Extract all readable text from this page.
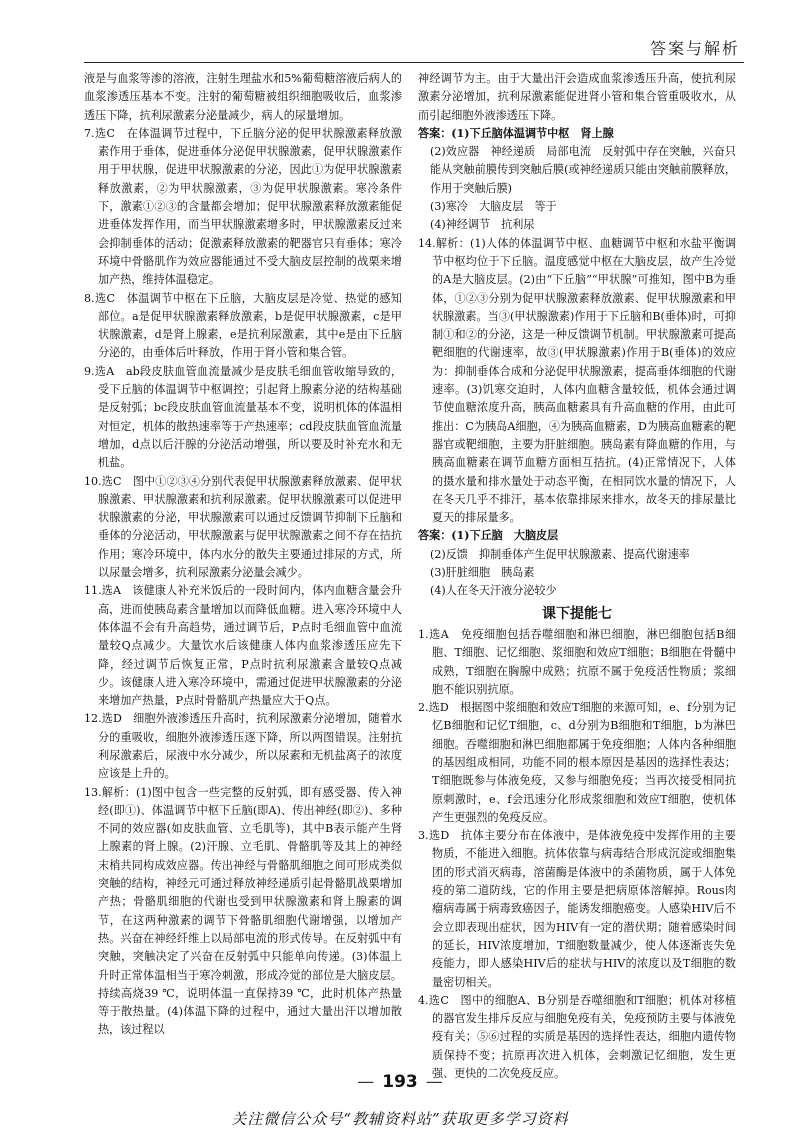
答案与解析

液是与血浆等渗的溶液，注射生理盐水和5%葡萄糖溶液后病人的血浆渗透压基本不变。注射的葡萄糖被组织细胞吸收后，血浆渗透压下降，抗利尿激素分泌量减少，病人的尿量增加。

7.选C　在体温调节过程中，下丘脑分泌的促甲状腺激素释放激素作用于垂体，促进垂体分泌促甲状腺激素，促甲状腺激素作用于甲状腺，促进甲状腺激素的分泌，因此①为促甲状腺激素释放激素，②为甲状腺激素，③为促甲状腺激素。寒冷条件下，激素①②③的含量都会增加；促甲状腺激素释放激素能促进垂体发挥作用，而当甲状腺激素增多时，甲状腺激素反过来会抑制垂体的活动；促激素释放激素的靶器官只有垂体；寒冷环境中骨骼肌作为效应器能通过不受大脑皮层控制的战栗来增加产热，维持体温稳定。

8.选C　体温调节中枢在下丘脑，大脑皮层是冷觉、热觉的感知部位。a是促甲状腺激素释放激素，b是促甲状腺激素，c是甲状腺激素，d是肾上腺素，e是抗利尿激素，其中e是由下丘脑分泌的，由垂体后叶释放，作用于肾小管和集合管。

9.选A　ab段皮肤血管血流量减少是皮肤毛细血管收缩导致的，受下丘脑的体温调节中枢调控；引起肾上腺素分泌的结构基础是反射弧；bc段皮肤血管血流量基本不变，说明机体的体温相对恒定，机体的散热速率等于产热速率；cd段皮肤血管血流量增加，d点以后汗腺的分泌活动增强，所以要及时补充水和无机盐。

10.选C　图中①②③④分别代表促甲状腺激素释放激素、促甲状腺激素、甲状腺激素和抗利尿激素。促甲状腺激素可以促进甲状腺激素的分泌，甲状腺激素可以通过反馈调节抑制下丘脑和垂体的分泌活动，甲状腺激素与促甲状腺激素之间不存在拮抗作用；寒冷环境中，体内水分的散失主要通过排尿的方式，所以尿量会增多，抗利尿激素分泌量会减少。

11.选A　该健康人补充米饭后的一段时间内，体内血糖含量会升高，进而使胰岛素含量增加以而降低血糖。进入寒冷环境中人体体温不会有升高趋势，通过调节后，P点时毛细血管中血流量较Q点减少。大量饮水后该健康人体内血浆渗透压应先下降，经过调节后恢复正常，P点时抗利尿激素含量较Q点减少。该健康人进入寒冷环境中，需通过促进甲状腺激素的分泌来增加产热量，P点时骨骼肌产热量应大于Q点。

12.选D　细胞外液渗透压升高时，抗利尿激素分泌增加，随着水分的重吸收，细胞外液渗透压逐下降，所以两图错误。注射抗利尿激素后，尿液中水分减少，所以尿素和无机盐离子的浓度应该是上升的。

13.解析：(1)图中包含一些完整的反射弧，即有感受器、传入神经(即①)、体温调节中枢下丘脑(即A)、传出神经(即②)、多种不同的效应器(如皮肤血管、立毛肌等)，其中B表示能产生肾上腺素的肾上腺。(2)汗腺、立毛肌、骨骼肌等及其上的神经末梢共同构成效应器。传出神经与骨骼肌细胞之间可形成类似突触的结构，神经元可通过释放神经递质引起骨骼肌战栗增加产热；骨骼肌细胞的代谢也受到甲状腺激素和肾上腺素的调节，在这两种激素的调节下骨骼肌细胞代谢增强，以增加产热。兴奋在神经纤维上以局部电流的形式传导。在反射弧中有突触，突触决定了兴奋在反射弧中只能单向传递。(3)体温上升时正常体温相当于寒冷刺激，形成冷觉的部位是大脑皮层。持续高烧39 ℃，说明体温一直保持39 ℃，此时机体产热量等于散热量。(4)体温下降的过程中，通过大量出汗以增加散热，该过程以

神经调节为主。由于大量出汗会造成血浆渗透压升高，使抗利尿激素分泌增加，抗利尿激素能促进肾小管和集合管重吸收水，从而引起细胞外液渗透压下降。

答案：(1)下丘脑体温调节中枢　肾上腺

(2)效应器　神经递质　局部电流　反射弧中存在突触，兴奋只能从突触前膜传到突触后膜(或神经递质只能由突触前膜释放，作用于突触后膜)

(3)寒冷　大脑皮层　等于

(4)神经调节　抗利尿

14.解析：(1)人体的体温调节中枢、血糖调节中枢和水盐平衡调节中枢均位于下丘脑。温度感觉中枢在大脑皮层，故产生冷觉的A是大脑皮层。(2)由“下丘脑”“甲状腺”可推知，图中B为垂体，①②③分别为促甲状腺激素释放激素、促甲状腺激素和甲状腺激素。当③(甲状腺激素)作用于下丘脑和B(垂体)时，可抑制①和②的分泌，这是一种反馈调节机制。甲状腺激素可提高靶细胞的代谢速率，故③(甲状腺激素)作用于B(垂体)的效应为：抑制垂体合成和分泌促甲状腺激素，提高垂体细胞的代谢速率。(3)饥寒交迫时，人体内血糖含量较低，机体会通过调节使血糖浓度升高，胰高血糖素具有升高血糖的作用，由此可推出：C为胰岛A细胞，④为胰高血糖素，D为胰高血糖素的靶器官或靶细胞，主要为肝脏细胞。胰岛素有降血糖的作用，与胰高血糖素在调节血糖方面相互拮抗。(4)正常情况下，人体的摄水量和排水量处于动态平衡，在相同饮水量的情况下，人在冬天几乎不排汗，基本依靠排尿来排水，故冬天的排尿量比夏天的排尿量多。

答案：(1)下丘脑　大脑皮层

(2)反馈　抑制垂体产生促甲状腺激素、提高代谢速率

(3)肝脏细胞　胰岛素

(4)人在冬天汗液分泌较少

课下提能七

1.选A　免疫细胞包括吞噬细胞和淋巴细胞，淋巴细胞包括B细胞、T细胞、记忆细胞、浆细胞和效应T细胞；B细胞在骨髓中成熟，T细胞在胸腺中成熟；抗原不属于免疫活性物质；浆细胞不能识别抗原。

2.选D　根据图中浆细胞和效应T细胞的来源可知，e、f分别为记忆B细胞和记忆T细胞，c、d分别为B细胞和T细胞，b为淋巴细胞。吞噬细胞和淋巴细胞都属于免疫细胞；人体内各种细胞的基因组成相同，功能不同的根本原因是基因的选择性表达；T细胞既参与体液免疫，又参与细胞免疫；当再次接受相同抗原刺激时，e、f会迅速分化形成浆细胞和效应T细胞，使机体产生更强烈的免疫反应。

3.选D　抗体主要分布在体液中，是体液免疫中发挥作用的主要物质，不能进入细胞。抗体依靠与病毒结合形成沉淀或细胞集团的形式消灭病毒，溶菌酶是体液中的杀菌物质，属于人体免疫的第二道防线，它的作用主要是把病原体溶解掉。Rous肉瘤病毒属于病毒致癌因子，能诱发细胞癌变。人感染HIV后不会立即表现出症状，因为HIV有一定的潜伏期；随着感染时间的延长，HIV浓度增加，T细胞数量减少，使人体逐渐丧失免疫能力，即人感染HIV后的症状与HIV的浓度以及T细胞的数量密切相关。

4.选C　图中的细胞A、B分别是吞噬细胞和T细胞；机体对移植的器官发生排斥反应与细胞免疫有关，免疫预防主要与体液免疫有关；⑤⑥过程的实质是基因的选择性表达，细胞内遗传物质保持不变；抗原再次进入机体，会刺激记忆细胞，发生更强、更快的二次免疫反应。

— 193 —
关注微信公众号“教辅资料站”获取更多学习资料
